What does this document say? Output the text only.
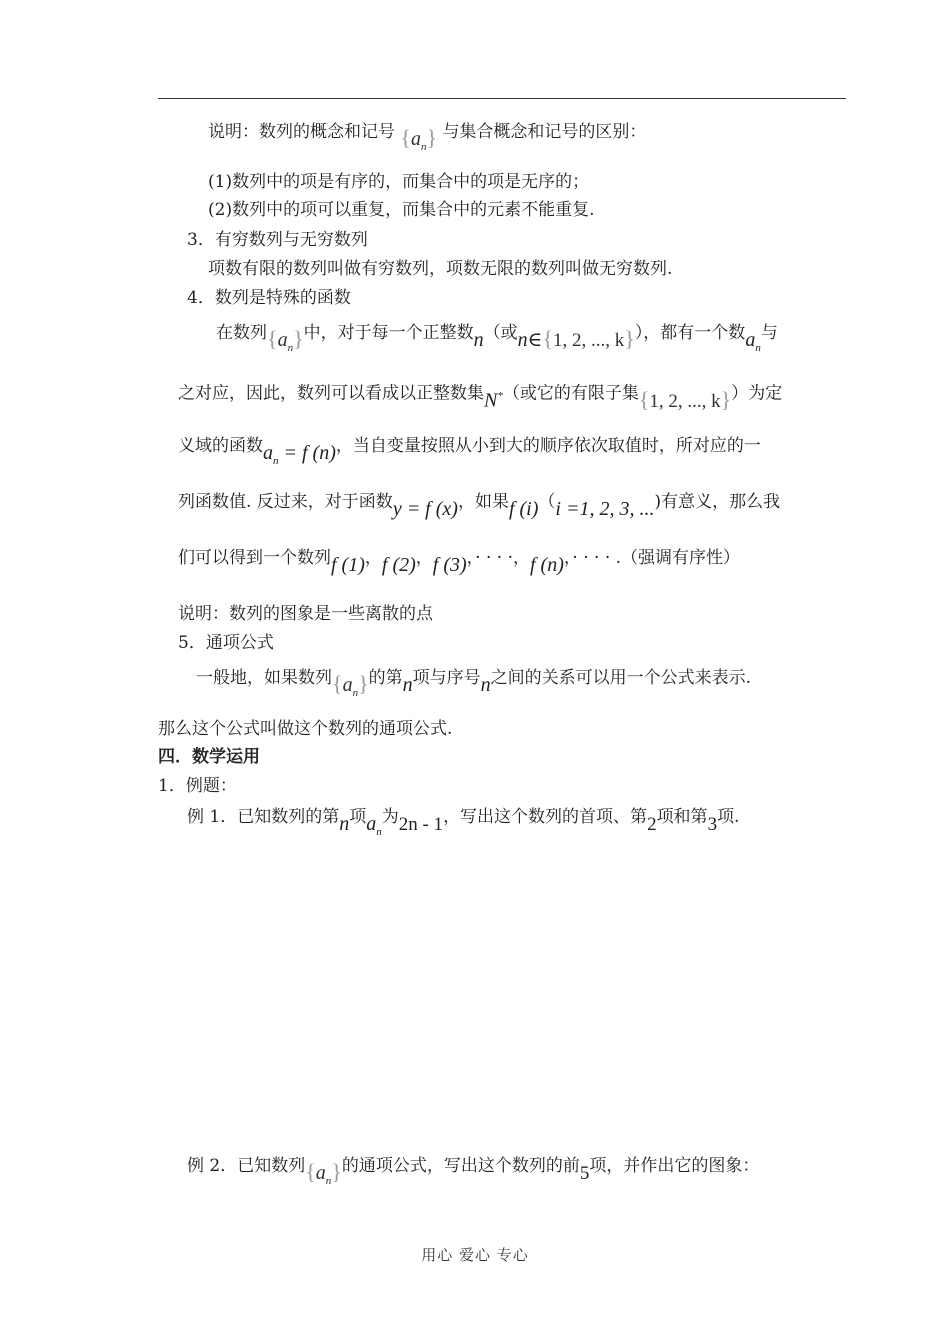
说明：数列的概念和记号 $\{a_n\}$ 与集合概念和记号的区别：
(1)数列中的项是有序的，而集合中的项是无序的；
(2)数列中的项可以重复，而集合中的元素不能重复.
3．有穷数列与无穷数列
项数有限的数列叫做有穷数列，项数无限的数列叫做无穷数列.
4．数列是特殊的函数
在数列$\{a_n\}$中，对于每一个正整数n（或n∈{1, 2, ..., k}），都有一个数$a_n$与
之对应，因此，数列可以看成以正整数集N*（或它的有限子集{1, 2, ..., k}）为定
义域的函数$a_n = f$ (n)，当自变量按照从小到大的顺序依次取值时，所对应的一
列函数值. 反过来，对于函数y = f (x)，如果f (i)（i =1, 2, 3, ...)有意义，那么我
们可以得到一个数列f (1)，f (2)，f (3)，· · · ·，f (n)，· · · · .（强调有序性）
说明：数列的图象是一些离散的点
5．通项公式
一般地，如果数列$\{a_n\}$的第n项与序号n之间的关系可以用一个公式来表示.
那么这个公式叫做这个数列的通项公式.
四．数学运用
1．例题：
例 1．已知数列的第n项$a_n$为2n - 1，写出这个数列的首项、第2项和第3项.
例 2．已知数列$\{a_n\}$的通项公式，写出这个数列的前5项，并作出它的图象：
用心 爱心 专心
